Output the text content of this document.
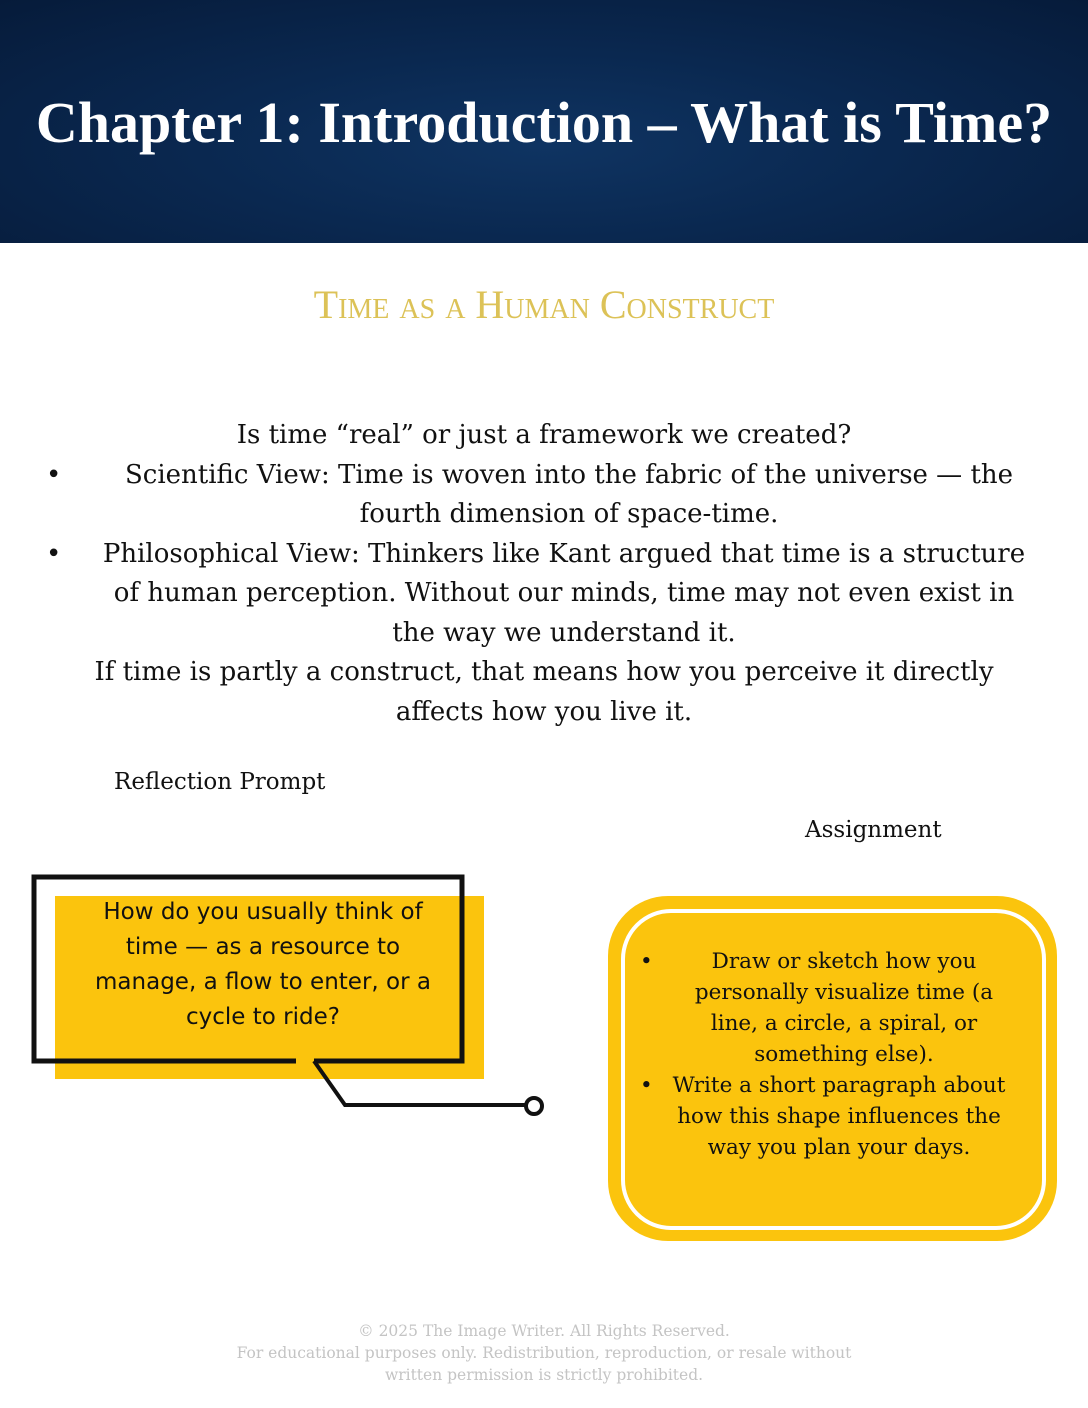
Chapter 1: Introduction – What is Time?
Time as a Human Construct
Is time “real” or just a framework we created?
• Scientific View: Time is woven into the fabric of the universe — the fourth dimension of space-time.
• Philosophical View: Thinkers like Kant argued that time is a structure of human perception. Without our minds, time may not even exist in the way we understand it.
If time is partly a construct, that means how you perceive it directly affects how you live it.
Reflection Prompt
Assignment
How do you usually think of time — as a resource to manage, a flow to enter, or a cycle to ride?
•	Draw or sketch how you personally visualize time (a line, a circle, a spiral, or something else).
• Write a short paragraph about how this shape influences the way you plan your days.
© 2025 The Image Writer. All Rights Reserved.
For educational purposes only. Redistribution, reproduction, or resale without written permission is strictly prohibited.
